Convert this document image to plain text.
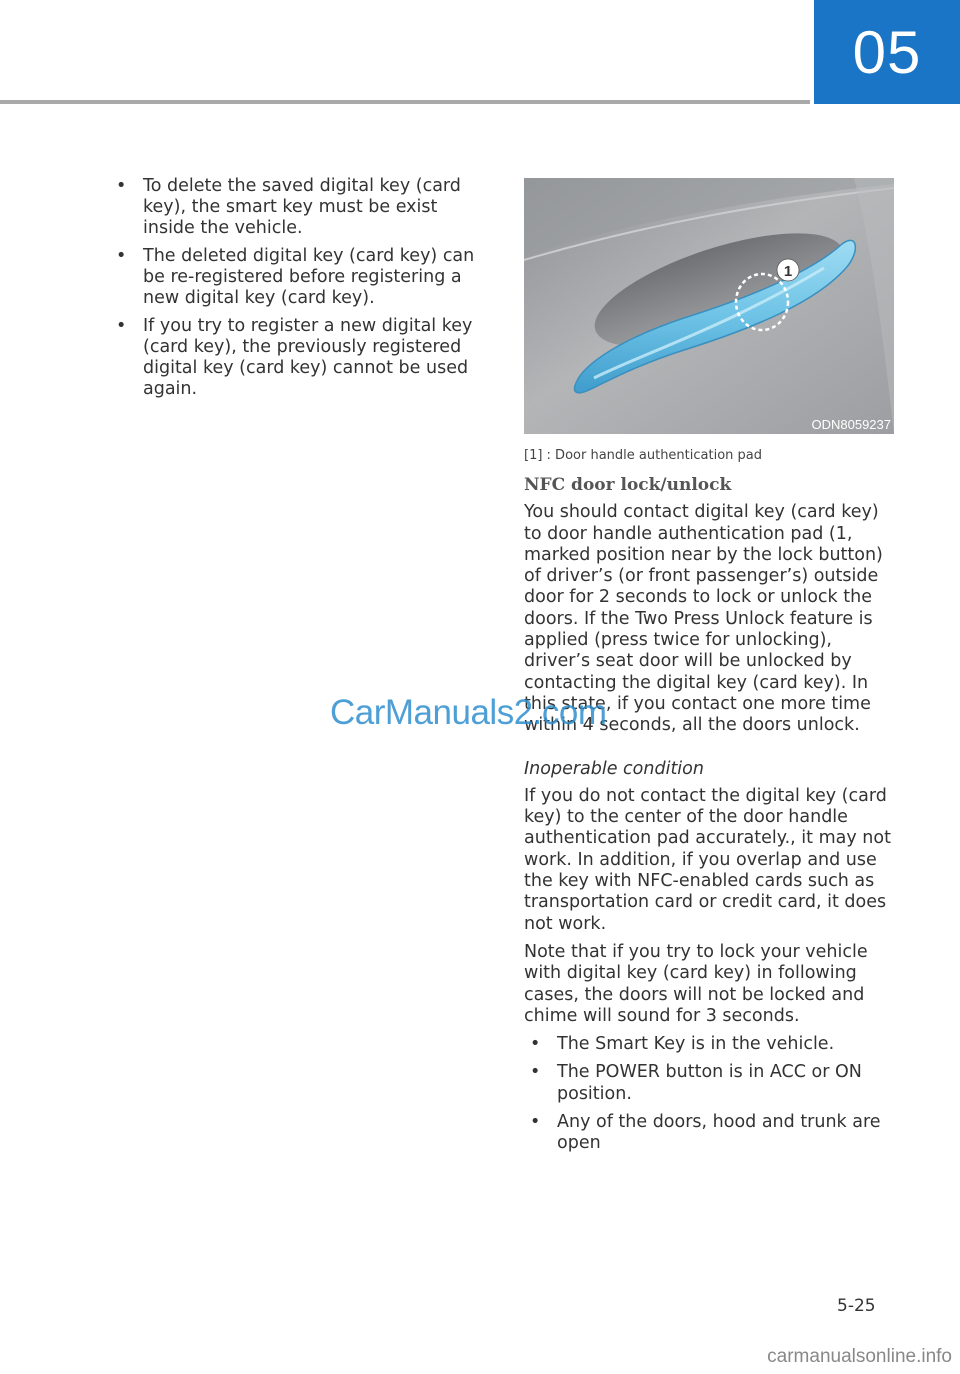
05
• To delete the saved digital key (card key), the smart key must be exist inside the vehicle.
• The deleted digital key (card key) can be re-registered before registering a new digital key (card key).
• If you try to register a new digital key (card key), the previously registered digital key (card key) cannot be used again.
1
ODN8059237
[1] : Door handle authentication pad
NFC door lock/unlock

You should contact digital key (card key) to door handle authentication pad (1, marked position near by the lock button) of driver’s (or front passenger’s) outside door for 2 seconds to lock or unlock the doors. If the Two Press Unlock feature is applied (press twice for unlocking), driver’s seat door will be unlocked by contacting the digital key (card key). In this state, if you contact one more time within 4 seconds, all the doors unlock.

Inoperable condition

If you do not contact the digital key (card key) to the center of the door handle authentication pad accurately., it may not work. In addition, if you overlap and use the key with NFC-enabled cards such as transportation card or credit card, it does not work.

Note that if you try to lock your vehicle with digital key (card key) in following cases, the doors will not be locked and chime will sound for 3 seconds.

• The Smart Key is in the vehicle.
• The POWER button is in ACC or ON position.
• Any of the doors, hood and trunk are open
CarManuals2.com
5-25
carmanualsonline.info
